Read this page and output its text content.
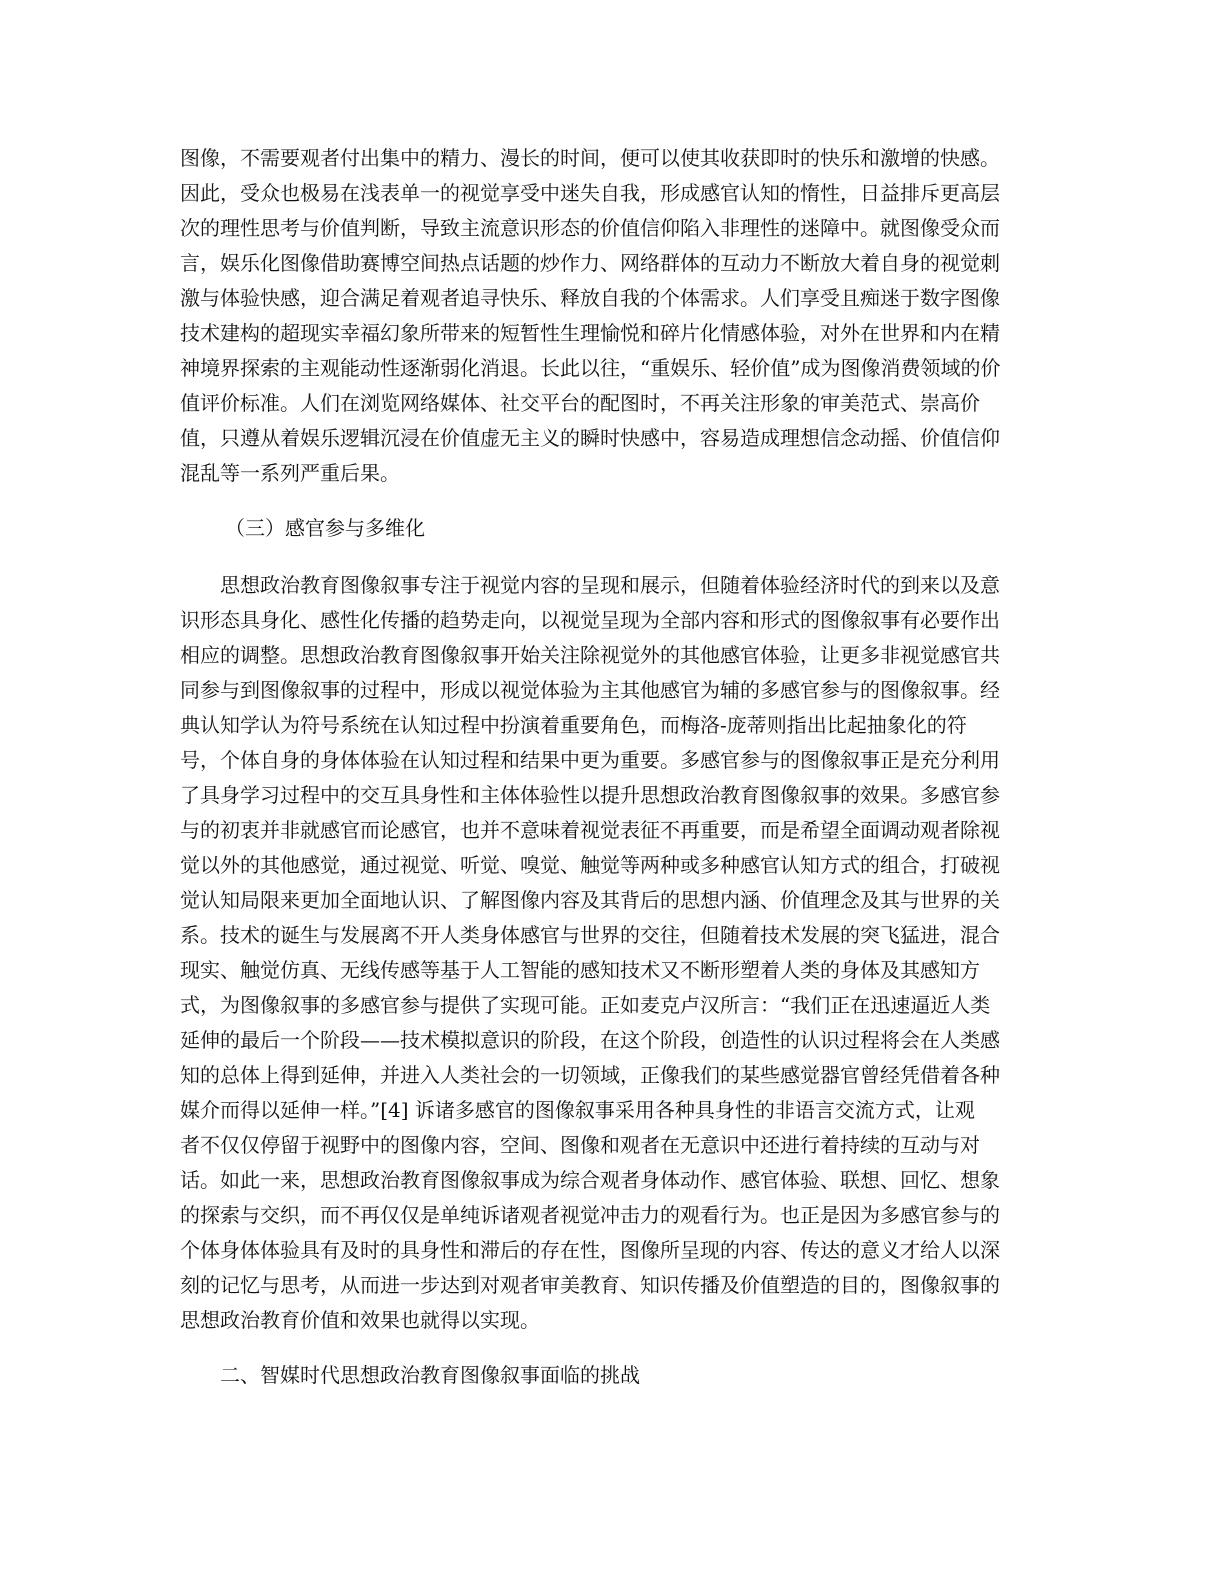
图像，不需要观者付出集中的精力、漫长的时间，便可以使其收获即时的快乐和激增的快感。
因此，受众也极易在浅表单一的视觉享受中迷失自我，形成感官认知的惰性，日益排斥更高层
次的理性思考与价值判断，导致主流意识形态的价值信仰陷入非理性的迷障中。就图像受众而
言，娱乐化图像借助赛博空间热点话题的炒作力、网络群体的互动力不断放大着自身的视觉刺
激与体验快感，迎合满足着观者追寻快乐、释放自我的个体需求。人们享受且痴迷于数字图像
技术建构的超现实幸福幻象所带来的短暂性生理愉悦和碎片化情感体验，对外在世界和内在精
神境界探索的主观能动性逐渐弱化消退。长此以往，“重娱乐、轻价值”成为图像消费领域的价
值评价标准。人们在浏览网络媒体、社交平台的配图时，不再关注形象的审美范式、崇高价
值，只遵从着娱乐逻辑沉浸在价值虚无主义的瞬时快感中，容易造成理想信念动摇、价值信仰
混乱等一系列严重后果。
（三）感官参与多维化
思想政治教育图像叙事专注于视觉内容的呈现和展示，但随着体验经济时代的到来以及意
识形态具身化、感性化传播的趋势走向，以视觉呈现为全部内容和形式的图像叙事有必要作出
相应的调整。思想政治教育图像叙事开始关注除视觉外的其他感官体验，让更多非视觉感官共
同参与到图像叙事的过程中，形成以视觉体验为主其他感官为辅的多感官参与的图像叙事。经
典认知学认为符号系统在认知过程中扮演着重要角色，而梅洛-庞蒂则指出比起抽象化的符
号，个体自身的身体体验在认知过程和结果中更为重要。多感官参与的图像叙事正是充分利用
了具身学习过程中的交互具身性和主体体验性以提升思想政治教育图像叙事的效果。多感官参
与的初衷并非就感官而论感官，也并不意味着视觉表征不再重要，而是希望全面调动观者除视
觉以外的其他感觉，通过视觉、听觉、嗅觉、触觉等两种或多种感官认知方式的组合，打破视
觉认知局限来更加全面地认识、了解图像内容及其背后的思想内涵、价值理念及其与世界的关
系。技术的诞生与发展离不开人类身体感官与世界的交往，但随着技术发展的突飞猛进，混合
现实、触觉仿真、无线传感等基于人工智能的感知技术又不断形塑着人类的身体及其感知方
式，为图像叙事的多感官参与提供了实现可能。正如麦克卢汉所言：“我们正在迅速逼近人类
延伸的最后一个阶段——技术模拟意识的阶段，在这个阶段，创造性的认识过程将会在人类感
知的总体上得到延伸，并进入人类社会的一切领域，正像我们的某些感觉器官曾经凭借着各种
媒介而得以延伸一样。”[4] 诉诸多感官的图像叙事采用各种具身性的非语言交流方式，让观
者不仅仅停留于视野中的图像内容，空间、图像和观者在无意识中还进行着持续的互动与对
话。如此一来，思想政治教育图像叙事成为综合观者身体动作、感官体验、联想、回忆、想象
的探索与交织，而不再仅仅是单纯诉诸观者视觉冲击力的观看行为。也正是因为多感官参与的
个体身体体验具有及时的具身性和滞后的存在性，图像所呈现的内容、传达的意义才给人以深
刻的记忆与思考，从而进一步达到对观者审美教育、知识传播及价值塑造的目的，图像叙事的
思想政治教育价值和效果也就得以实现。
二、智媒时代思想政治教育图像叙事面临的挑战
